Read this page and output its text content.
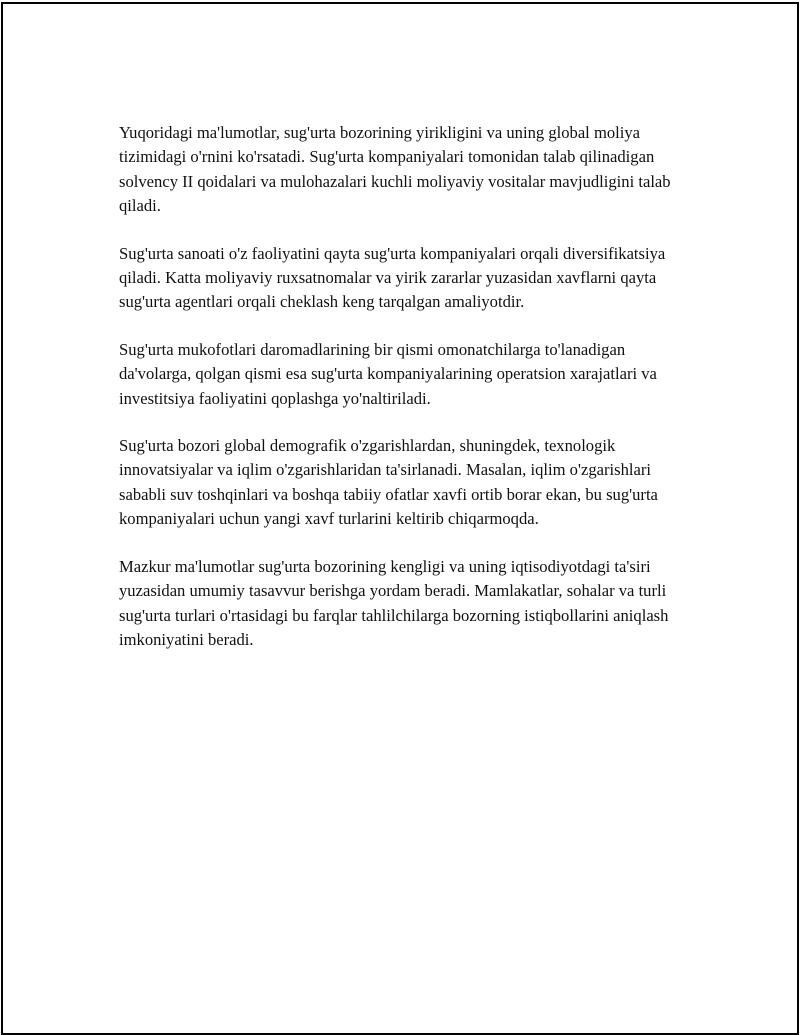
Yuqoridagi ma'lumotlar, sug'urta bozorining yirikligini va uning global moliya tizimidagi o'rnini ko'rsatadi. Sug'urta kompaniyalari tomonidan talab qilinadigan solvency II qoidalari va mulohazalari kuchli moliyaviy vositalar mavjudligini talab qiladi.

Sug'urta sanoati o'z faoliyatini qayta sug'urta kompaniyalari orqali diversifikatsiya qiladi. Katta moliyaviy ruxsatnomalar va yirik zararlar yuzasidan xavflarni qayta sug'urta agentlari orqali cheklash keng tarqalgan amaliyotdir.

Sug'urta mukofotlari daromadlarining bir qismi omonatchilarga to'lanadigan da'volarga, qolgan qismi esa sug'urta kompaniyalarining operatsion xarajatlari va investitsiya faoliyatini qoplashga yo'naltiriladi.

Sug'urta bozori global demografik o'zgarishlardan, shuningdek, texnologik innovatsiyalar va iqlim o'zgarishlaridan ta'sirlanadi. Masalan, iqlim o'zgarishlari sababli suv toshqinlari va boshqa tabiiy ofatlar xavfi ortib borar ekan, bu sug'urta kompaniyalari uchun yangi xavf turlarini keltirib chiqarmoqda.

Mazkur ma'lumotlar sug'urta bozorining kengligi va uning iqtisodiyotdagi ta'siri yuzasidan umumiy tasavvur berishga yordam beradi. Mamlakatlar, sohalar va turli sug'urta turlari o'rtasidagi bu farqlar tahlilchilarga bozorning istiqbollarini aniqlash imkoniyatini beradi.
